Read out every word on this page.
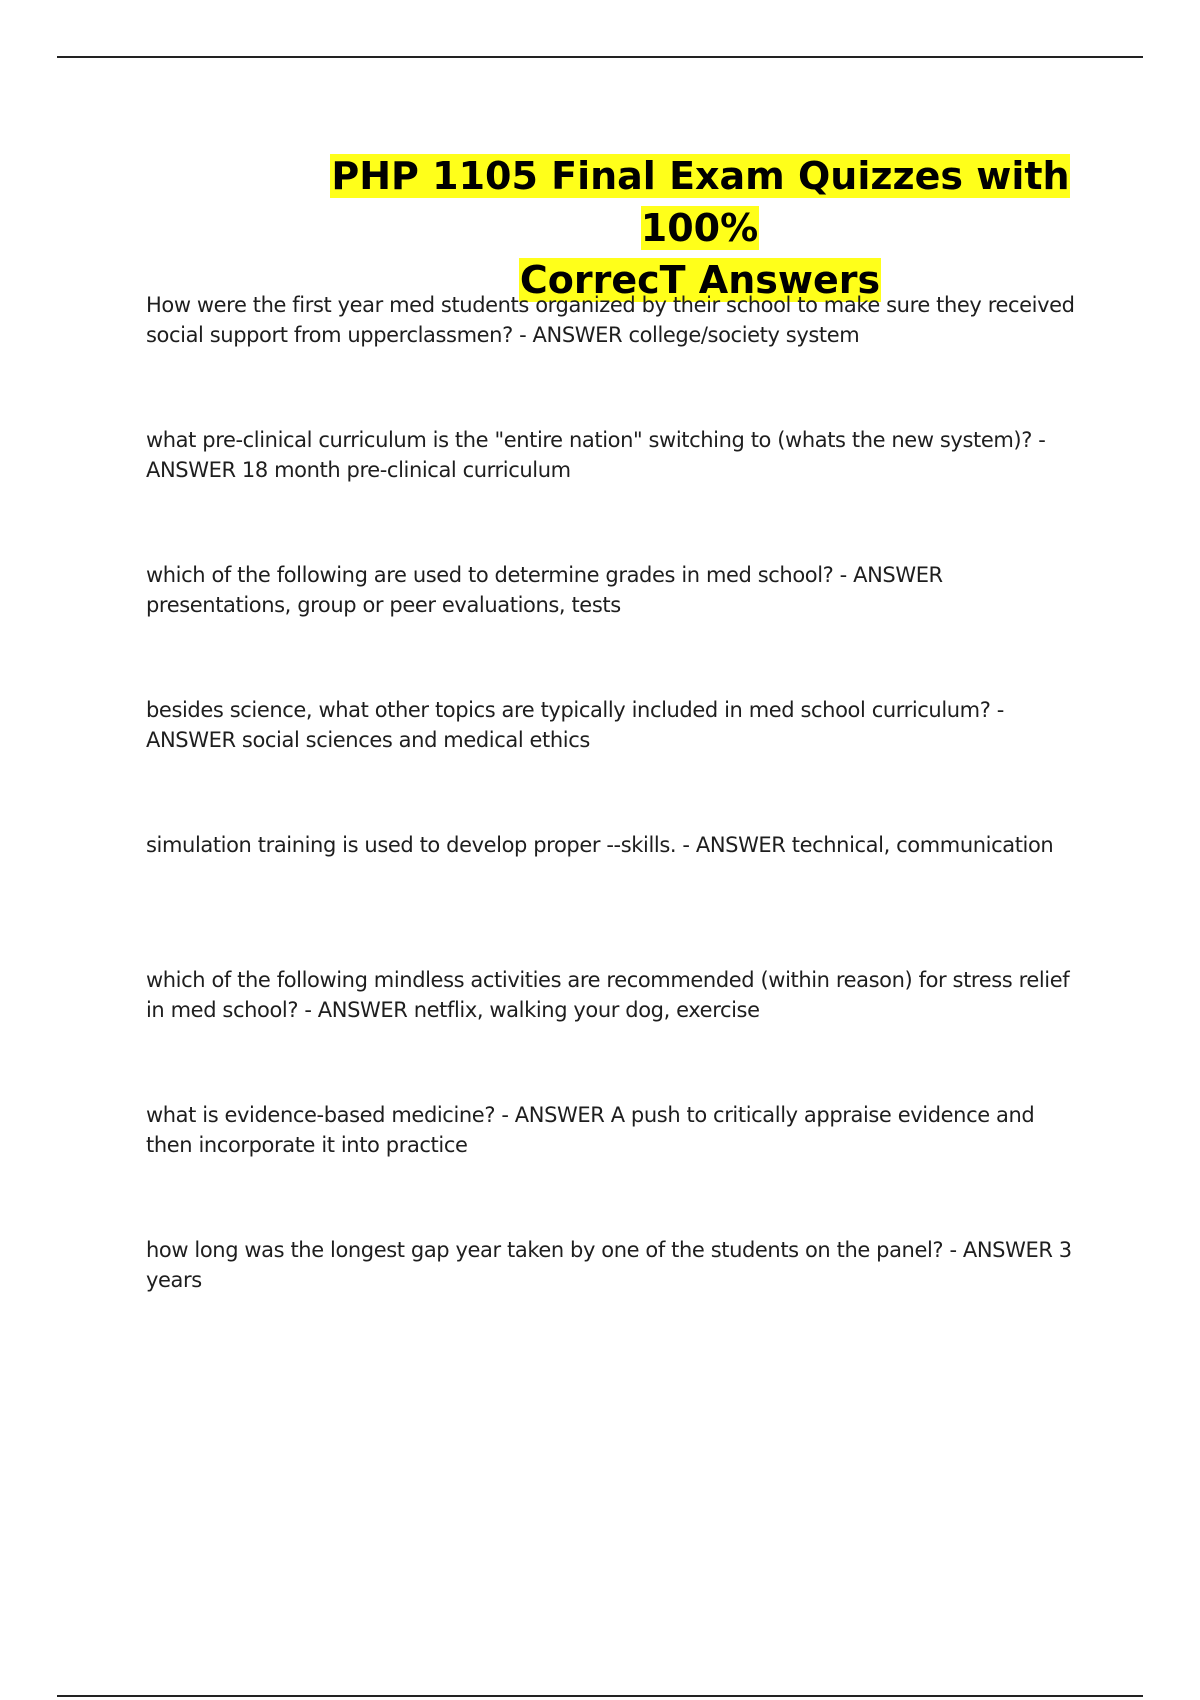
PHP 1105 Final Exam Quizzes with 100%
CorrecT Answers
How were the first year med students organized by their school to make sure they received social support from upperclassmen? - ANSWER college/society system
what pre-clinical curriculum is the "entire nation" switching to (whats the new system)? - ANSWER 18 month pre-clinical curriculum
which of the following are used to determine grades in med school? - ANSWER presentations, group or peer evaluations, tests
besides science, what other topics are typically included in med school curriculum? - ANSWER social sciences and medical ethics
simulation training is used to develop proper --skills. - ANSWER technical, communication
which of the following mindless activities are recommended (within reason) for stress relief in med school? - ANSWER netflix, walking your dog, exercise
what is evidence-based medicine? - ANSWER A push to critically appraise evidence and then incorporate it into practice
how long was the longest gap year taken by one of the students on the panel? - ANSWER 3 years
